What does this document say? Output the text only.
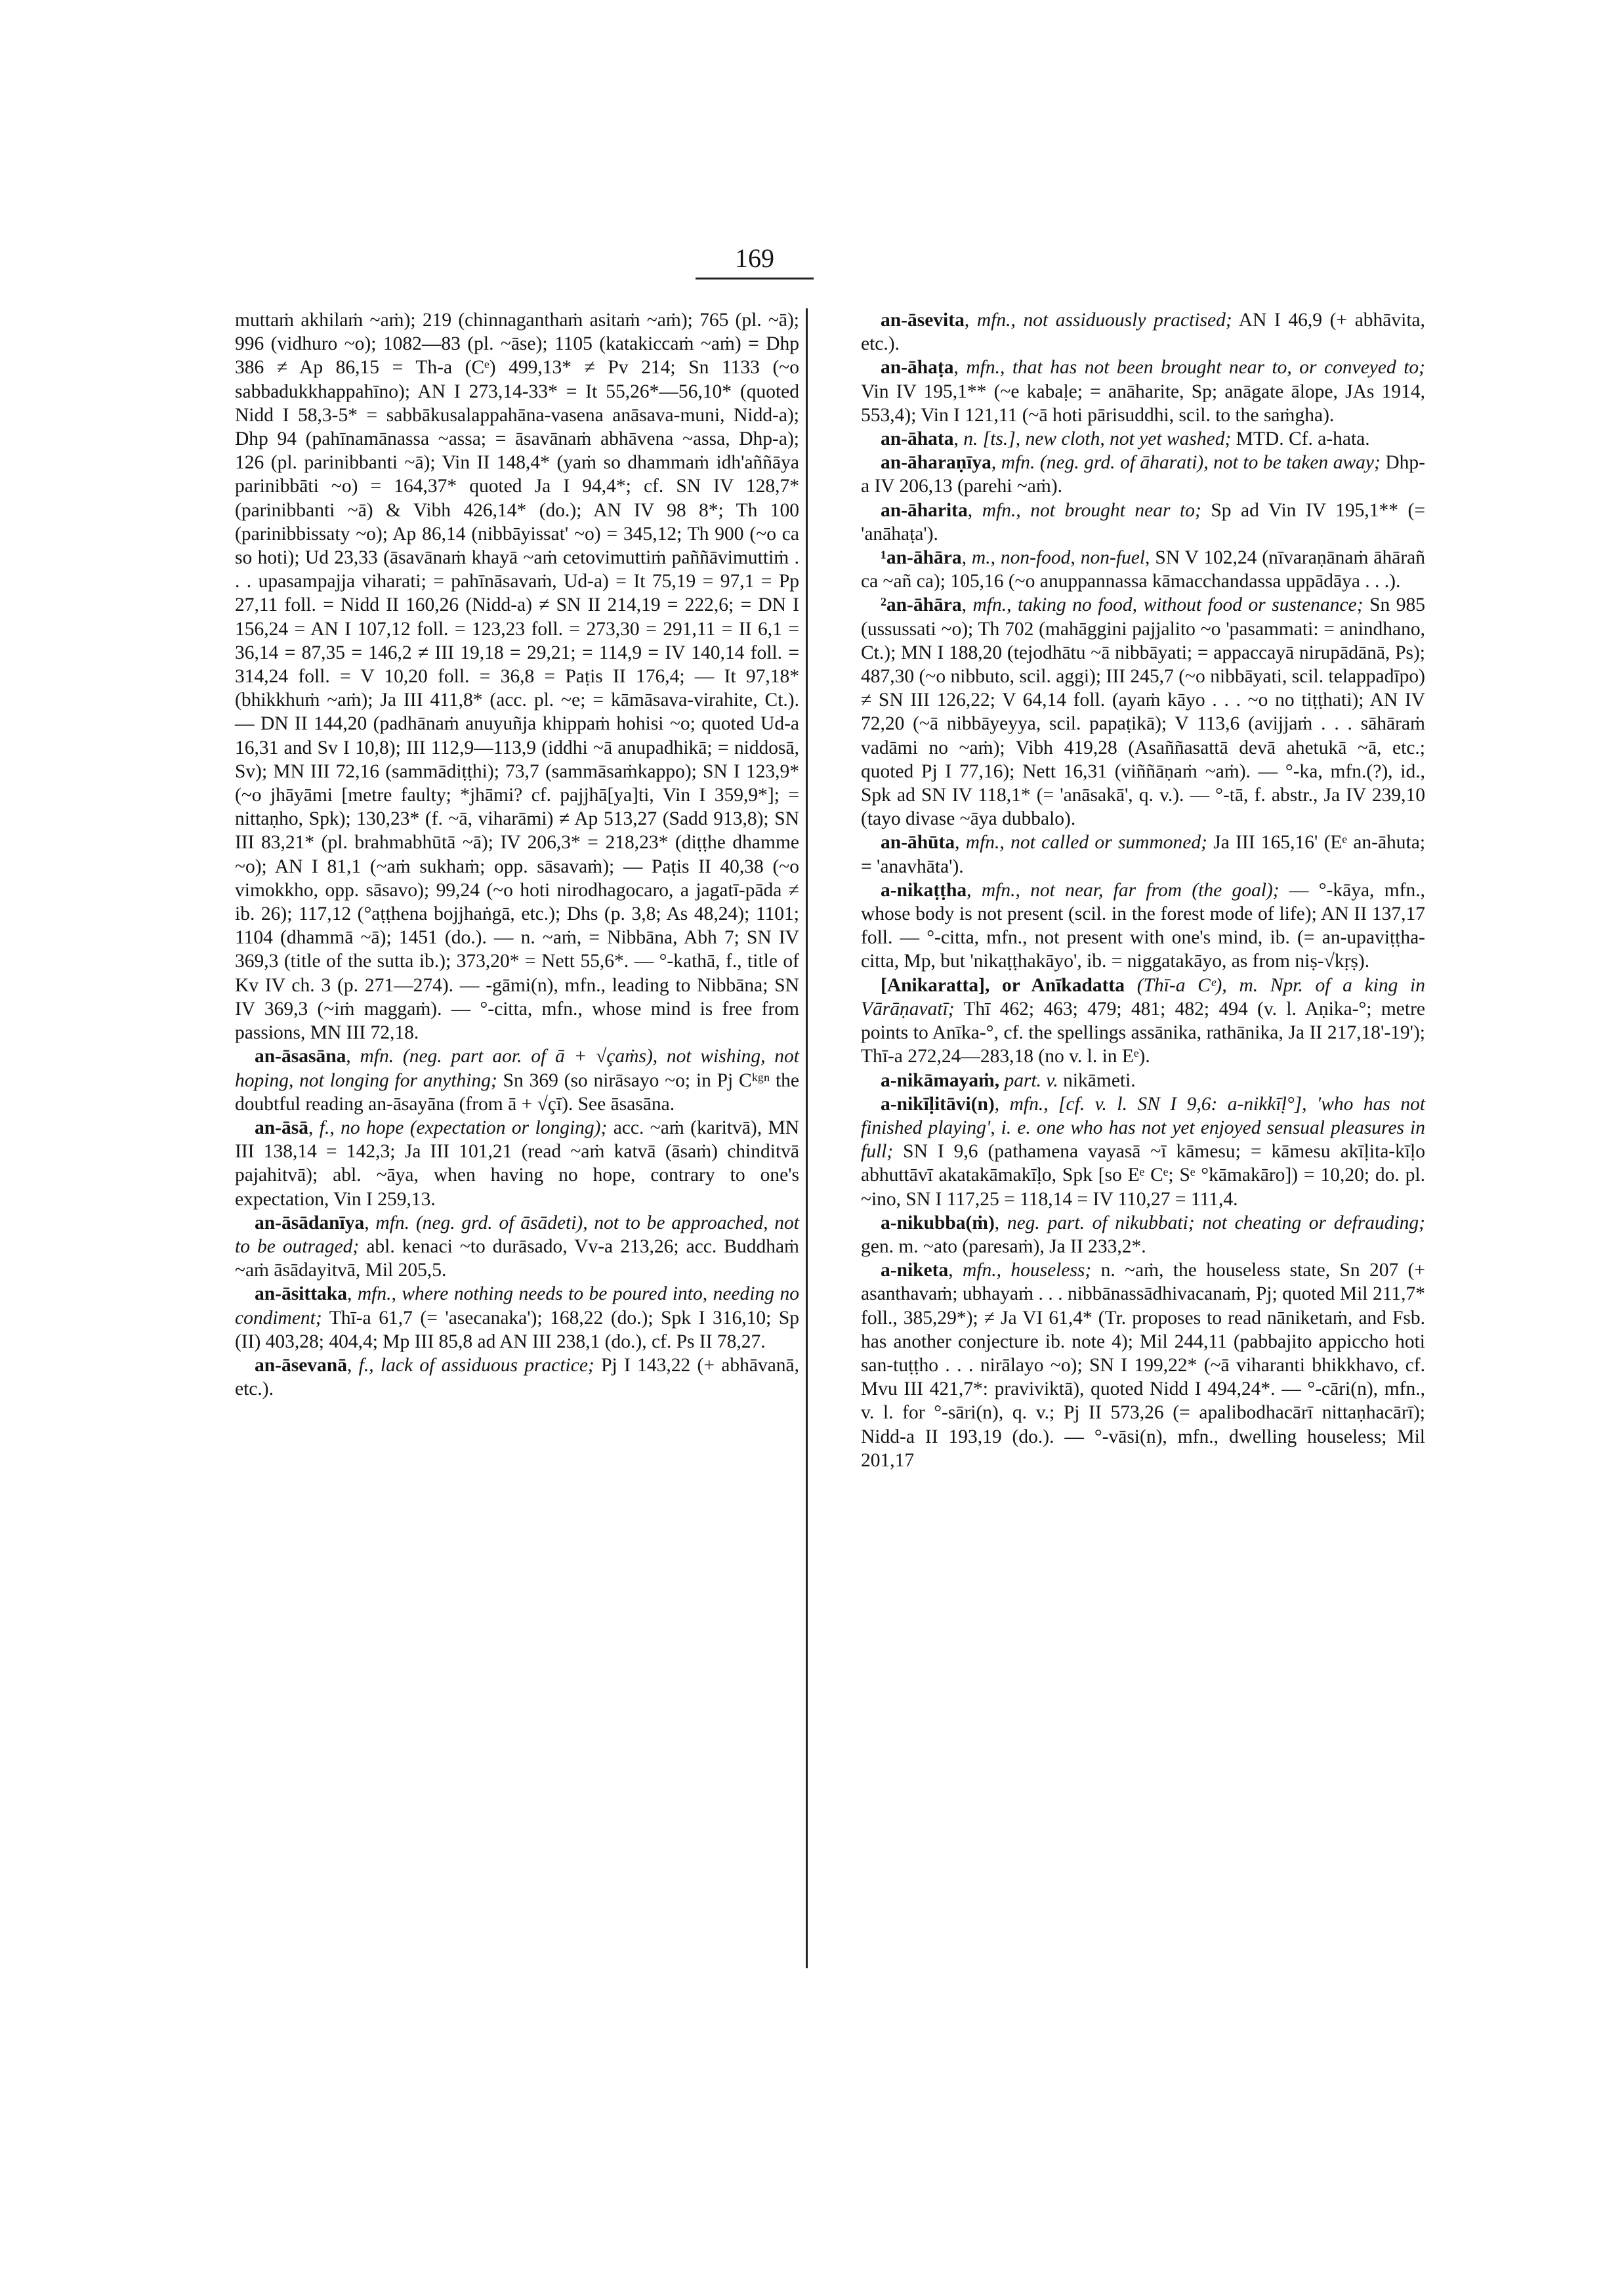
169

muttaṁ akhilaṁ ~aṁ); 219 (chinnaganthaṁ asitaṁ ~aṁ); 765 (pl. ~ā); 996 (vidhuro ~o); 1082—83 (pl. ~āse); 1105 (katakiccaṁ ~aṁ) = Dhp 386 ≠ Ap 86,15 = Th-a (Cᵉ) 499,13* ≠ Pv 214; Sn 1133 (~o sabbadukkhappahīno); AN I 273,14-33* = It 55,26*—56,10* (quoted Nidd I 58,3-5* = sabbākusalappahāna-vasena anāsava-muni, Nidd-a); Dhp 94 (pahīnamānassa ~assa; = āsavānaṁ abhāvena ~assa, Dhp-a); 126 (pl. parinibbanti ~ā); Vin II 148,4* (yaṁ so dhammaṁ idh'aññāya parinibbāti ~o) = 164,37* quoted Ja I 94,4*; cf. SN IV 128,7* (parinibbanti ~ā) & Vibh 426,14* (do.); AN IV 98 8*; Th 100 (parinibbissaty ~o); Ap 86,14 (nibbāyissat' ~o) = 345,12; Th 900 (~o ca so hoti); Ud 23,33 (āsavānaṁ khayā ~aṁ cetovimuttiṁ paññāvimuttiṁ . . . upasampajja viharati; = pahīnāsavaṁ, Ud-a) = It 75,19 = 97,1 = Pp 27,11 foll. = Nidd II 160,26 (Nidd-a) ≠ SN II 214,19 = 222,6; = DN I 156,24 = AN I 107,12 foll. = 123,23 foll. = 273,30 = 291,11 = II 6,1 = 36,14 = 87,35 = 146,2 ≠ III 19,18 = 29,21; = 114,9 = IV 140,14 foll. = 314,24 foll. = V 10,20 foll. = 36,8 = Paṭis II 176,4; — It 97,18* (bhikkhuṁ ~aṁ); Ja III 411,8* (acc. pl. ~e; = kāmāsava-virahite, Ct.). — DN II 144,20 (padhānaṁ anuyuñja khippaṁ hohisi ~o; quoted Ud-a 16,31 and Sv I 10,8); III 112,9—113,9 (iddhi ~ā anupadhikā; = niddosā, Sv); MN III 72,16 (sammādiṭṭhi); 73,7 (sammāsaṁkappo); SN I 123,9* (~o jhāyāmi [metre faulty; *jhāmi? cf. pajjhā[ya]ti, Vin I 359,9*]; = nittaṇho, Spk); 130,23* (f. ~ā, viharāmi) ≠ Ap 513,27 (Sadd 913,8); SN III 83,21* (pl. brahmabhūtā ~ā); IV 206,3* = 218,23* (diṭṭhe dhamme ~o); AN I 81,1 (~aṁ sukhaṁ; opp. sāsavaṁ); — Paṭis II 40,38 (~o vimokkho, opp. sāsavo); 99,24 (~o hoti nirodhagocaro, a jagatī-pāda ≠ ib. 26); 117,12 (°aṭṭhena bojjhaṅgā, etc.); Dhs (p. 3,8; As 48,24); 1101; 1104 (dhammā ~ā); 1451 (do.). — n. ~aṁ, = Nibbāna, Abh 7; SN IV 369,3 (title of the sutta ib.); 373,20* = Nett 55,6*. — °-kathā, f., title of Kv IV ch. 3 (p. 271—274). — -gāmi(n), mfn., leading to Nibbāna; SN IV 369,3 (~iṁ maggaṁ). — °-citta, mfn., whose mind is free from passions, MN III 72,18.

an-āsasāna, mfn. (neg. part aor. of ā + √çaṁs), not wishing, not hoping, not longing for anything; Sn 369 (so nirāsayo ~o; in Pj Cᵏᵍⁿ the doubtful reading an-āsayāna (from ā + √çī). See āsasāna.

an-āsā, f., no hope (expectation or longing); acc. ~aṁ (karitvā), MN III 138,14 = 142,3; Ja III 101,21 (read ~aṁ katvā (āsaṁ) chinditvā pajahitvā); abl. ~āya, when having no hope, contrary to one's expectation, Vin I 259,13.

an-āsādanīya, mfn. (neg. grd. of āsādeti), not to be approached, not to be outraged; abl. kenaci ~to durāsado, Vv-a 213,26; acc. Buddhaṁ ~aṁ āsādayitvā, Mil 205,5.

an-āsittaka, mfn., where nothing needs to be poured into, needing no condiment; Thī-a 61,7 (= 'asecanaka'); 168,22 (do.); Spk I 316,10; Sp (II) 403,28; 404,4; Mp III 85,8 ad AN III 238,1 (do.), cf. Ps II 78,27.

an-āsevanā, f., lack of assiduous practice; Pj I 143,22 (+ abhāvanā, etc.).

an-āsevita, mfn., not assiduously practised; AN I 46,9 (+ abhāvita, etc.).

an-āhaṭa, mfn., that has not been brought near to, or conveyed to; Vin IV 195,1** (~e kabaḷe; = anāharite, Sp; anāgate ālope, JAs 1914, 553,4); Vin I 121,11 (~ā hoti pārisuddhi, scil. to the saṁgha).

an-āhata, n. [ts.], new cloth, not yet washed; MTD. Cf. a-hata.

an-āharaṇīya, mfn. (neg. grd. of āharati), not to be taken away; Dhp-a IV 206,13 (parehi ~aṁ).

an-āharita, mfn., not brought near to; Sp ad Vin IV 195,1** (= 'anāhaṭa').

¹an-āhāra, m., non-food, non-fuel, SN V 102,24 (nīvaraṇānaṁ āhārañ ca ~añ ca); 105,16 (~o anuppannassa kāmacchandassa uppādāya . . .).

²an-āhāra, mfn., taking no food, without food or sustenance; Sn 985 (ussussati ~o); Th 702 (mahāggini pajjalito ~o 'pasammati: = anindhano, Ct.); MN I 188,20 (tejodhātu ~ā nibbāyati; = appaccayā nirupādānā, Ps); 487,30 (~o nibbuto, scil. aggi); III 245,7 (~o nibbāyati, scil. telappadīpo) ≠ SN III 126,22; V 64,14 foll. (ayaṁ kāyo . . . ~o no tiṭṭhati); AN IV 72,20 (~ā nibbāyeyya, scil. papaṭikā); V 113,6 (avijjaṁ . . . sāhāraṁ vadāmi no ~aṁ); Vibh 419,28 (Asaññasattā devā ahetukā ~ā, etc.; quoted Pj I 77,16); Nett 16,31 (viññāṇaṁ ~aṁ). — °-ka, mfn.(?), id., Spk ad SN IV 118,1* (= 'anāsakā', q. v.). — °-tā, f. abstr., Ja IV 239,10 (tayo divase ~āya dubbalo).

an-āhūta, mfn., not called or summoned; Ja III 165,16' (Eᵉ an-āhuta; = 'anavhāta').

a-nikaṭṭha, mfn., not near, far from (the goal); — °-kāya, mfn., whose body is not present (scil. in the forest mode of life); AN II 137,17 foll. — °-citta, mfn., not present with one's mind, ib. (= an-upaviṭṭha-citta, Mp, but 'nikaṭṭhakāyo', ib. = niggatakāyo, as from niṣ-√kṛṣ).

[Anikaratta], or Anīkadatta (Thī-a Cᵉ), m. Npr. of a king in Vārāṇavatī; Thī 462; 463; 479; 481; 482; 494 (v. l. Aṇika-°; metre points to Anīka-°, cf. the spellings assānika, rathānika, Ja II 217,18'-19'); Thī-a 272,24—283,18 (no v. l. in Eᵉ).

a-nikāmayaṁ, part. v. nikāmeti.

a-nikīḷitāvi(n), mfn., [cf. v. l. SN I 9,6: a-nikkīḷ°], 'who has not finished playing', i. e. one who has not yet enjoyed sensual pleasures in full; SN I 9,6 (pathamena vayasā ~ī kāmesu; = kāmesu akīḷita-kīḷo abhuttāvī akatakāmakīḷo, Spk [so Eᵉ Cᵉ; Sᵉ °kāmakāro]) = 10,20; do. pl. ~ino, SN I 117,25 = 118,14 = IV 110,27 = 111,4.

a-nikubba(ṁ), neg. part. of nikubbati; not cheating or defrauding; gen. m. ~ato (paresaṁ), Ja II 233,2*.

a-niketa, mfn., houseless; n. ~aṁ, the houseless state, Sn 207 (+ asanthavaṁ; ubhayaṁ . . . nibbānassādhivacanaṁ, Pj; quoted Mil 211,7* foll., 385,29*); ≠ Ja VI 61,4* (Tr. proposes to read nāniketaṁ, and Fsb. has another conjecture ib. note 4); Mil 244,11 (pabbajito appiccho hoti san-tuṭṭho . . . nirālayo ~o); SN I 199,22* (~ā viharanti bhikkhavo, cf. Mvu III 421,7*: praviviktā), quoted Nidd I 494,24*. — °-cāri(n), mfn., v. l. for °-sāri(n), q. v.; Pj II 573,26 (= apalibodhacārī nittaṇhacārī); Nidd-a II 193,19 (do.). — °-vāsi(n), mfn., dwelling houseless; Mil 201,17
